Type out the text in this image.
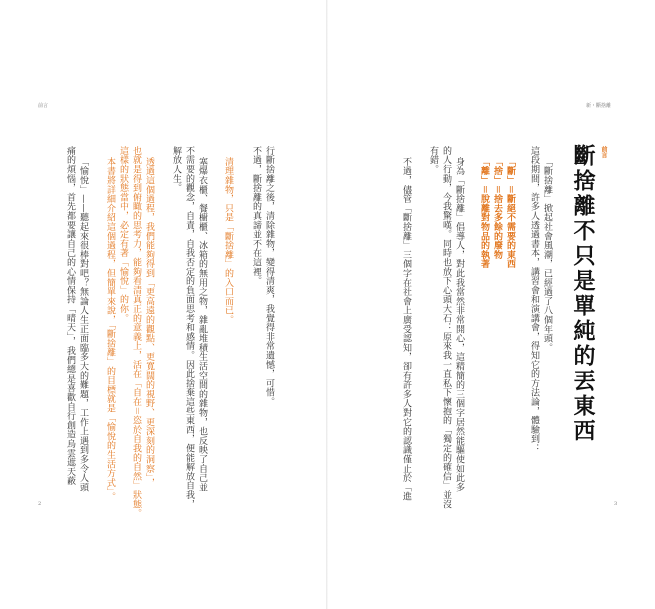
前言
行斷捨離之後，清除雜物，變得清爽，我覺得非常遺憾，可惜。
不過，斷捨離的真諦並不在這裡。
清理雜物，只是「斷捨離」的入口而已。
塞爆衣櫃、餐櫥櫃、冰箱的無用之物，雜亂堆積生活空間的雜物，也反映了自己並
不需要的觀念，自責，自我否定的負面思考和感情。因此捨棄這些東西，便能解放自我，
解放人生。
透過這個過程，我們能夠得到「更高遠的觀點、更寬闊的視野、更深刻的洞察」，
也就是得到俯瞰的思考力，能夠看清真正的意義上，活在「自在＝恣於自我的自然」狀態。
這樣的狀態當中，必定有著「愉悅」的你。
本書將詳細介紹這個過程，但簡單來說，「斷捨離」的目標就是「愉悅的生活方式」。
「愉悅」——聽起來很棒對吧？無論人生正面臨多大的難題，工作上遇到多令人頭
痛的煩惱，首先都要讓自己的心情保持「晴天」，我們總是喜歡自行創造烏雲遮天蔽
2
新・斷捨離
前言
斷捨離不只是單純的丟東西
「斷捨離」掀起社會風潮，已經過了八個年頭。
這段期間，許多人透過書本，講習會和演講會，得知它的方法論，體驗到：
「斷」＝斷絕不需要的東西
「捨」＝捨去多餘的廢物
「離」＝脫離對物品的執著
身為「斷捨離」倡導人，對此我當然非常開心，這精簡的三個字居然能驅使如此多
的人行動，今我驚嘆。同時也放下心頭大石：原來我一直私下懷抱的「獨定的確信」並沒
有錯。
不過，儘管「斷捨離」三個字在社會上廣受認知，卻有許多人對它的認識僅止於「進
3
